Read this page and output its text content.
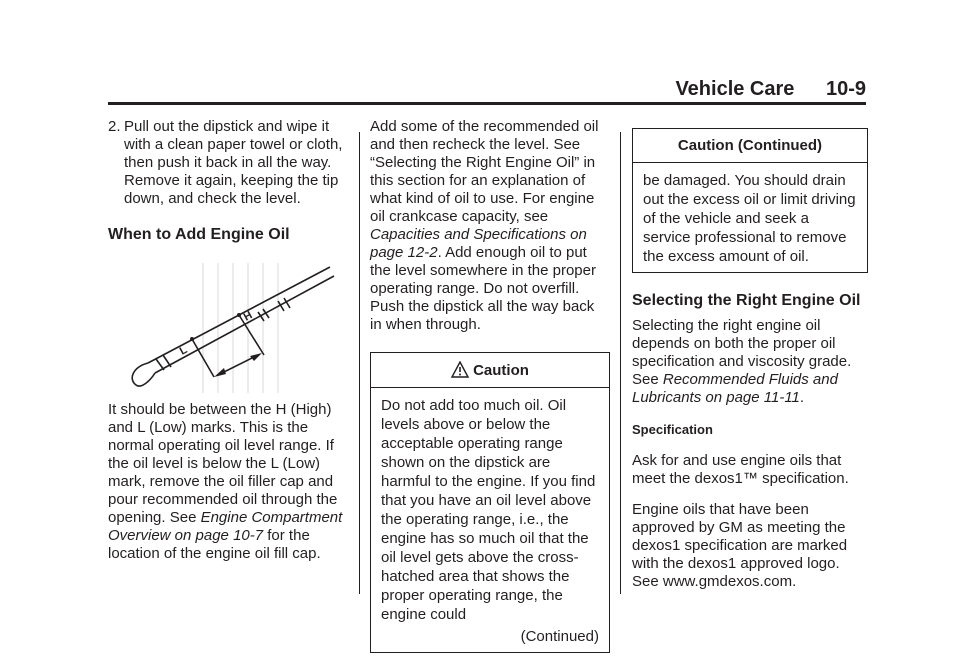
Vehicle Care 10-9
2. Pull out the dipstick and wipe it with a clean paper towel or cloth, then push it back in all the way. Remove it again, keeping the tip down, and check the level.
When to Add Engine Oil
L
H

It should be between the H (High) and L (Low) marks. This is the normal operating oil level range. If the oil level is below the L (Low) mark, remove the oil filler cap and pour recommended oil through the opening. See Engine Compartment Overview on page 10-7 for the location of the engine oil fill cap.

Add some of the recommended oil and then recheck the level. See “Selecting the Right Engine Oil” in this section for an explanation of what kind of oil to use. For engine oil crankcase capacity, see Capacities and Specifications on page 12-2. Add enough oil to put the level somewhere in the proper operating range. Do not overfill. Push the dipstick all the way back in when through.

Caution

Do not add too much oil. Oil levels above or below the acceptable operating range shown on the dipstick are harmful to the engine. If you find that you have an oil level above the operating range, i.e., the engine has so much oil that the oil level gets above the cross-hatched area that shows the proper operating range, the engine could

(Continued)
Caution (Continued)

be damaged. You should drain out the excess oil or limit driving of the vehicle and seek a service professional to remove the excess amount of oil.

Selecting the Right Engine Oil

Selecting the right engine oil depends on both the proper oil specification and viscosity grade. See Recommended Fluids and Lubricants on page 11-11.

Specification

Ask for and use engine oils that meet the dexos1™ specification.

Engine oils that have been approved by GM as meeting the dexos1 specification are marked with the dexos1 approved logo. See www.gmdexos.com.
